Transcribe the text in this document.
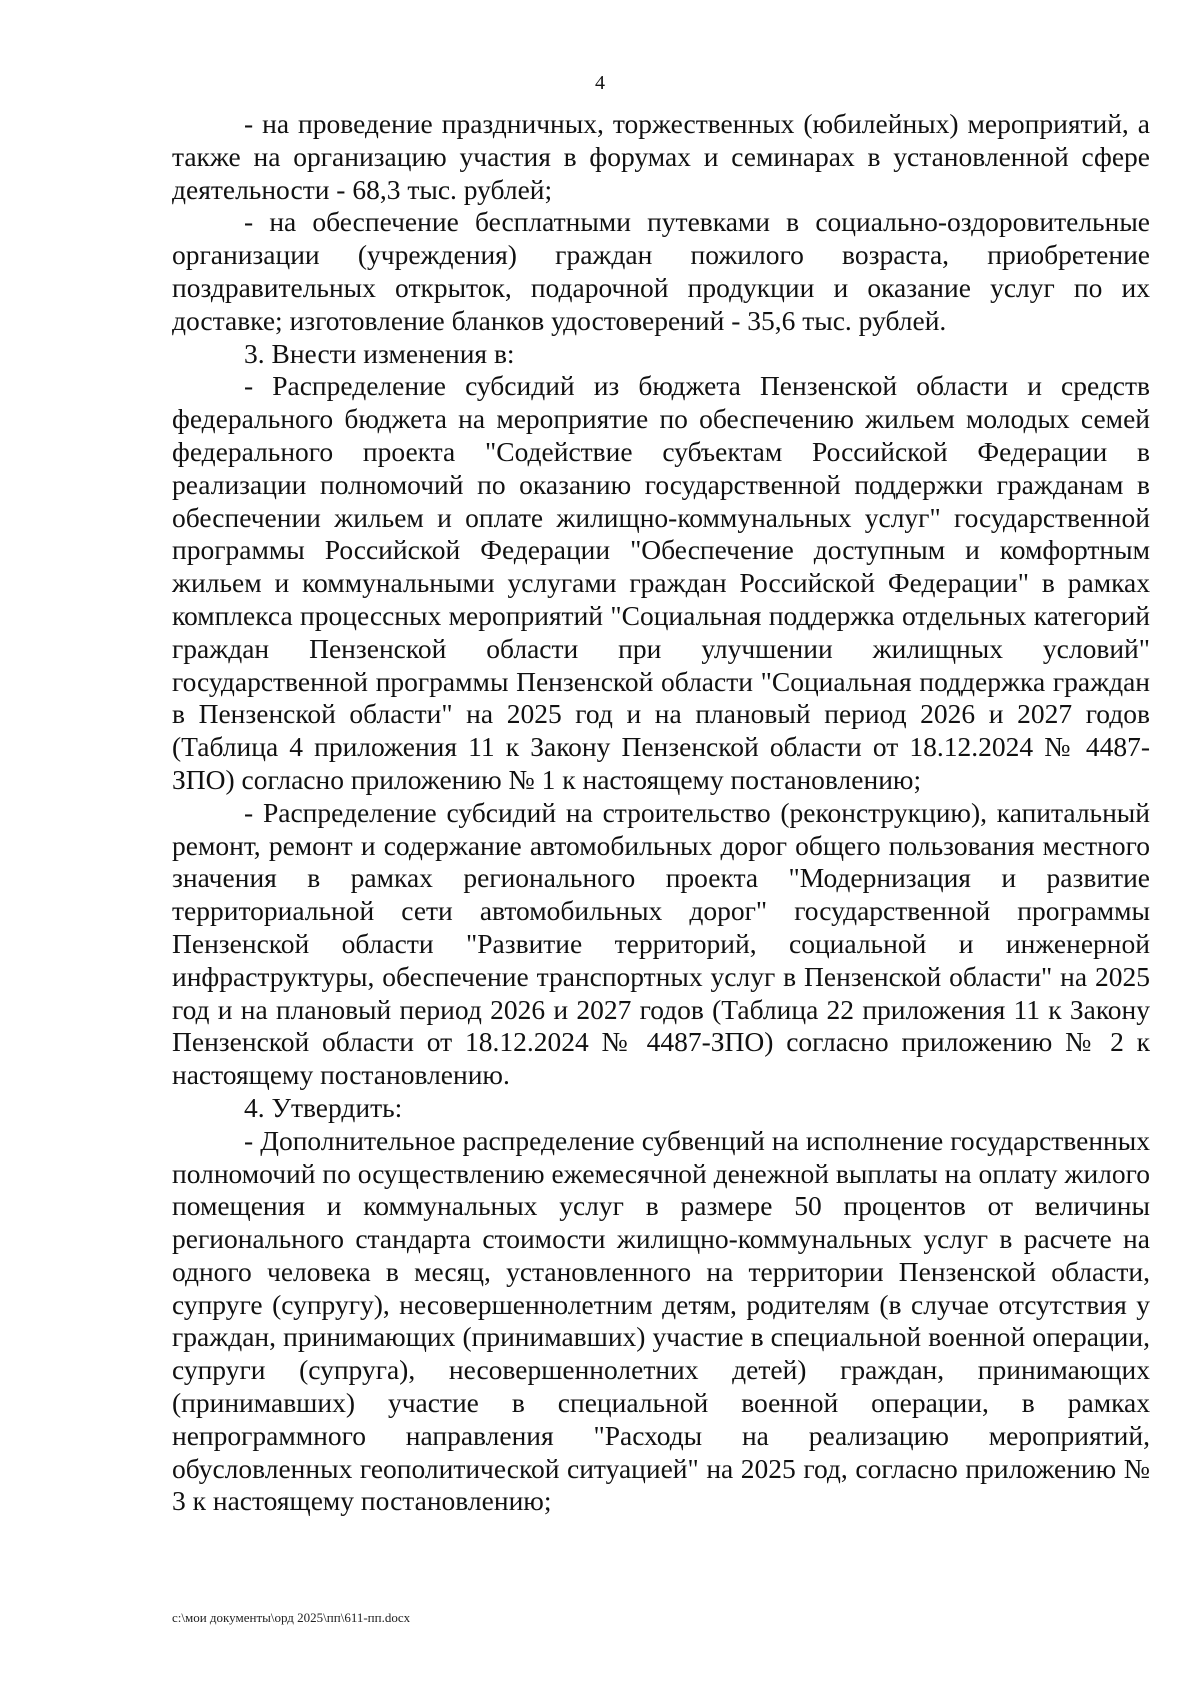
4

- на проведение праздничных, торжественных (юбилейных) мероприятий, а также на организацию участия в форумах и семинарах в установленной сфере деятельности - 68,3 тыс. рублей;

- на обеспечение бесплатными путевками в социально-оздоровительные организации (учреждения) граждан пожилого возраста, приобретение поздравительных открыток, подарочной продукции и оказание услуг по их доставке; изготовление бланков удостоверений - 35,6 тыс. рублей.

3. Внести изменения в:

- Распределение субсидий из бюджета Пензенской области и средств федерального бюджета на мероприятие по обеспечению жильем молодых семей федерального проекта "Содействие субъектам Российской Федерации в реализации полномочий по оказанию государственной поддержки гражданам в обеспечении жильем и оплате жилищно-коммунальных услуг" государственной программы Российской Федерации "Обеспечение доступным и комфортным жильем и коммунальными услугами граждан Российской Федерации" в рамках комплекса процессных мероприятий "Социальная поддержка отдельных категорий граждан Пензенской области при улучшении жилищных условий" государственной программы Пензенской области "Социальная поддержка граждан в Пензенской области" на 2025 год и на плановый период 2026 и 2027 годов (Таблица 4 приложения 11 к Закону Пензенской области от 18.12.2024 № 4487-ЗПО) согласно приложению № 1 к настоящему постановлению;

- Распределение субсидий на строительство (реконструкцию), капитальный ремонт, ремонт и содержание автомобильных дорог общего пользования местного значения в рамках регионального проекта "Модернизация и развитие территориальной сети автомобильных дорог" государственной программы Пензенской области "Развитие территорий, социальной и инженерной инфраструктуры, обеспечение транспортных услуг в Пензенской области" на 2025 год и на плановый период 2026 и 2027 годов (Таблица 22 приложения 11 к Закону Пензенской области от 18.12.2024 № 4487-ЗПО) согласно приложению № 2 к настоящему постановлению.

4. Утвердить:

- Дополнительное распределение субвенций на исполнение государственных полномочий по осуществлению ежемесячной денежной выплаты на оплату жилого помещения и коммунальных услуг в размере 50 процентов от величины регионального стандарта стоимости жилищно-коммунальных услуг в расчете на одного человека в месяц, установленного на территории Пензенской области, супруге (супругу), несовершеннолетним детям, родителям (в случае отсутствия у граждан, принимающих (принимавших) участие в специальной военной операции, супруги (супруга), несовершеннолетних детей) граждан, принимающих (принимавших) участие в специальной военной операции, в рамках непрограммного направления "Расходы на реализацию мероприятий, обусловленных геополитической ситуацией" на 2025 год, согласно приложению № 3 к настоящему постановлению;

c:\мои документы\орд 2025\пп\611-пп.docx
